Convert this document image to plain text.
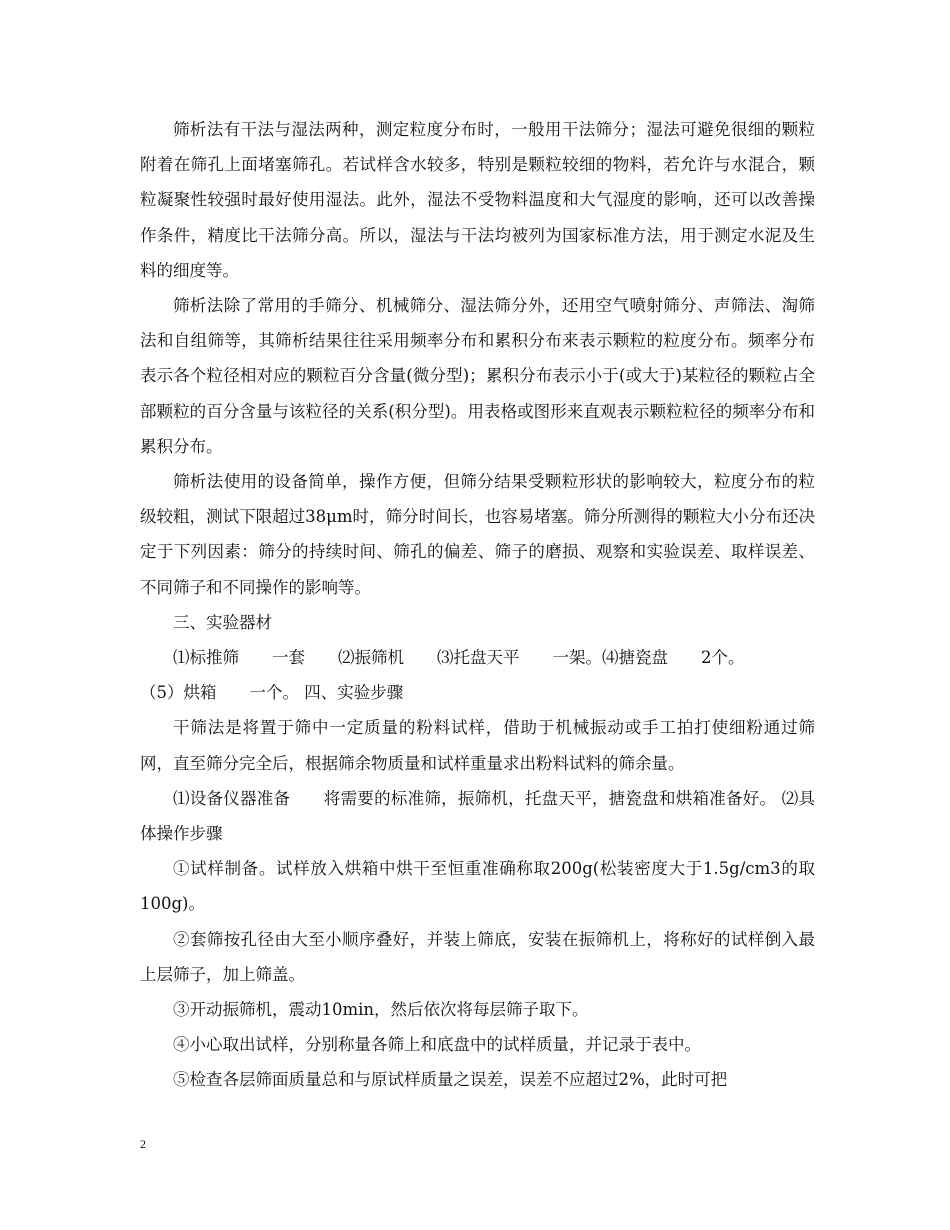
筛析法有干法与湿法两种，测定粒度分布时，一般用干法筛分；湿法可避免很细的颗粒附着在筛孔上面堵塞筛孔。若试样含水较多，特别是颗粒较细的物料，若允许与水混合，颗粒凝聚性较强时最好使用湿法。此外，湿法不受物料温度和大气湿度的影响，还可以改善操作条件，精度比干法筛分高。所以，湿法与干法均被列为国家标准方法，用于测定水泥及生料的细度等。

筛析法除了常用的手筛分、机械筛分、湿法筛分外，还用空气喷射筛分、声筛法、淘筛法和自组筛等，其筛析结果往往采用频率分布和累积分布来表示颗粒的粒度分布。频率分布表示各个粒径相对应的颗粒百分含量(微分型)；累积分布表示小于(或大于)某粒径的颗粒占全部颗粒的百分含量与该粒径的关系(积分型)。用表格或图形来直观表示颗粒粒径的频率分布和累积分布。

筛析法使用的设备简单，操作方便，但筛分结果受颗粒形状的影响较大，粒度分布的粒级较粗，测试下限超过38μm时，筛分时间长，也容易堵塞。筛分所测得的颗粒大小分布还决定于下列因素：筛分的持续时间、筛孔的偏差、筛子的磨损、观察和实验误差、取样误差、不同筛子和不同操作的影响等。

三、实验器材

⑴标推筛　　一套　　⑵振筛机　　⑶托盘天平　　一架。⑷搪瓷盘　　2个。

（5）烘箱　　一个。 四、实验步骤

干筛法是将置于筛中一定质量的粉料试样，借助于机械振动或手工拍打使细粉通过筛网，直至筛分完全后，根据筛余物质量和试样重量求出粉料试料的筛余量。

⑴设备仪器准备　　将需要的标准筛，振筛机，托盘天平，搪瓷盘和烘箱准备好。 ⑵具体操作步骤

①试样制备。试样放入烘箱中烘干至恒重准确称取200g(松装密度大于1.5g/cm3的取100g)。

②套筛按孔径由大至小顺序叠好，并装上筛底，安装在振筛机上，将称好的试样倒入最上层筛子，加上筛盖。

③开动振筛机，震动10min，然后依次将每层筛子取下。

④小心取出试样，分别称量各筛上和底盘中的试样质量，并记录于表中。

⑤检查各层筛面质量总和与原试样质量之误差，误差不应超过2%，此时可把

2
